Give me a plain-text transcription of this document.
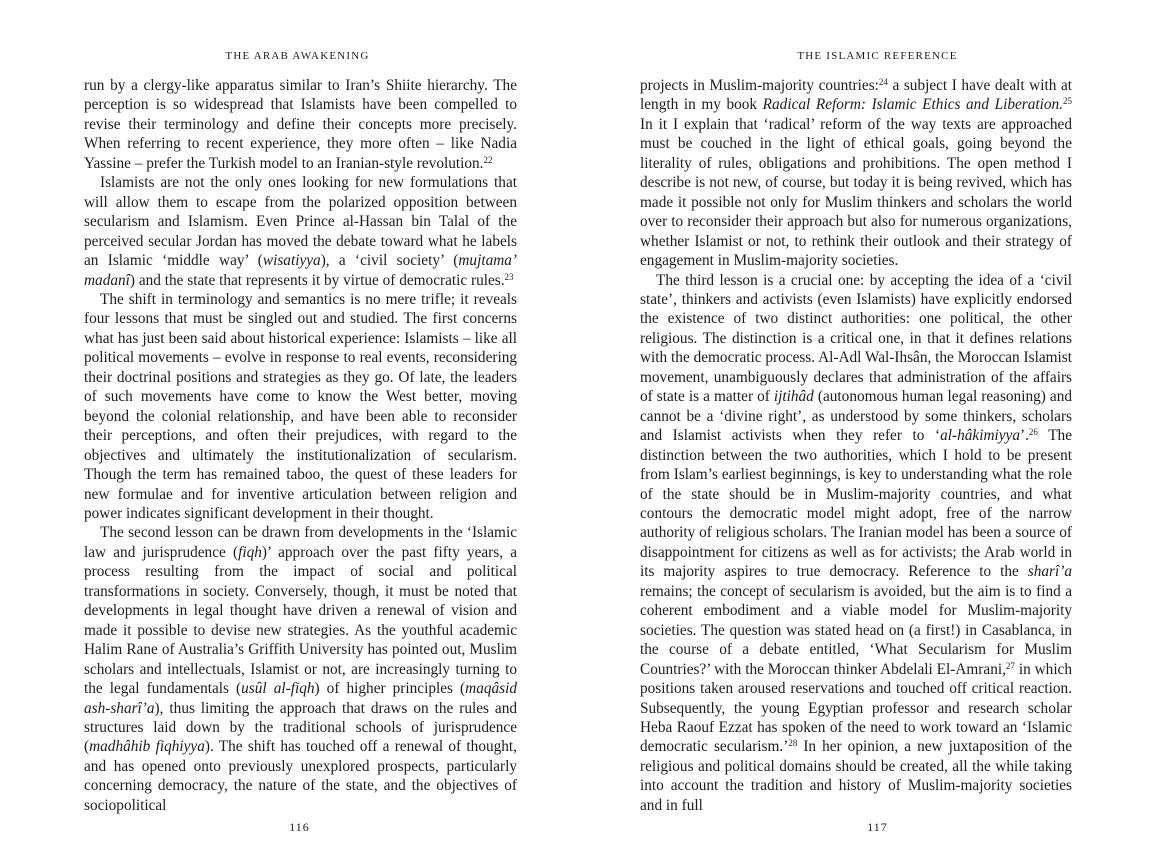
THE ARAB AWAKENING

run by a clergy-like apparatus similar to Iran’s Shiite hierarchy. The perception is so widespread that Islamists have been compelled to revise their terminology and define their concepts more precisely. When referring to recent experience, they more often – like Nadia Yassine – prefer the Turkish model to an Iranian-style revolution.$^{22}$

Islamists are not the only ones looking for new formulations that will allow them to escape from the polarized opposition between secularism and Islamism. Even Prince al-Hassan bin Talal of the perceived secular Jordan has moved the debate toward what he labels an Islamic ‘middle way’ (wisatiyya), a ‘civil society’ (mujtama’ madanî) and the state that represents it by virtue of democratic rules.$^{23}$

The shift in terminology and semantics is no mere trifle; it reveals four lessons that must be singled out and studied. The first concerns what has just been said about historical experience: Islamists – like all political movements – evolve in response to real events, reconsidering their doctrinal positions and strategies as they go. Of late, the leaders of such movements have come to know the West better, moving beyond the colonial relationship, and have been able to reconsider their perceptions, and often their prejudices, with regard to the objectives and ultimately the institutionalization of secularism. Though the term has remained taboo, the quest of these leaders for new formulae and for inventive articulation between religion and power indicates significant development in their thought.

The second lesson can be drawn from developments in the ‘Islamic law and jurisprudence (fiqh)’ approach over the past fifty years, a process resulting from the impact of social and political transformations in society. Conversely, though, it must be noted that developments in legal thought have driven a renewal of vision and made it possible to devise new strategies. As the youthful academic Halim Rane of Australia’s Griffith University has pointed out, Muslim scholars and intellectuals, Islamist or not, are increasingly turning to the legal fundamentals (usûl al-fiqh) of higher principles (maqâsid ash-sharî’a), thus limiting the approach that draws on the rules and structures laid down by the traditional schools of jurisprudence (madhâhib fiqhiyya). The shift has touched off a renewal of thought, and has opened onto previously unexplored prospects, particularly concerning democracy, the nature of the state, and the objectives of sociopolitical

116
THE ISLAMIC REFERENCE

projects in Muslim-majority countries:$^{24}$ a subject I have dealt with at length in my book Radical Reform: Islamic Ethics and Liberation.$^{25}$ In it I explain that ‘radical’ reform of the way texts are approached must be couched in the light of ethical goals, going beyond the literality of rules, obligations and prohibitions. The open method I describe is not new, of course, but today it is being revived, which has made it possible not only for Muslim thinkers and scholars the world over to reconsider their approach but also for numerous organizations, whether Islamist or not, to rethink their outlook and their strategy of engagement in Muslim-majority societies.

The third lesson is a crucial one: by accepting the idea of a ‘civil state’, thinkers and activists (even Islamists) have explicitly endorsed the existence of two distinct authorities: one political, the other religious. The distinction is a critical one, in that it defines relations with the democratic process. Al-Adl Wal-Ihsân, the Moroccan Islamist movement, unambiguously declares that administration of the affairs of state is a matter of ijtihâd (autonomous human legal reasoning) and cannot be a ‘divine right’, as understood by some thinkers, scholars and Islamist activists when they refer to ‘al-hâkimiyya’.$^{26}$ The distinction between the two authorities, which I hold to be present from Islam’s earliest beginnings, is key to understanding what the role of the state should be in Muslim-majority countries, and what contours the democratic model might adopt, free of the narrow authority of religious scholars. The Iranian model has been a source of disappointment for citizens as well as for activists; the Arab world in its majority aspires to true democracy. Reference to the sharî’a remains; the concept of secularism is avoided, but the aim is to find a coherent embodiment and a viable model for Muslim-majority societies. The question was stated head on (a first!) in Casablanca, in the course of a debate entitled, ‘What Secularism for Muslim Countries?’ with the Moroccan thinker Abdelali El-Amrani,$^{27}$ in which positions taken aroused reservations and touched off critical reaction. Subsequently, the young Egyptian professor and research scholar Heba Raouf Ezzat has spoken of the need to work toward an ‘Islamic democratic secularism.’$^{28}$ In her opinion, a new juxtaposition of the religious and political domains should be created, all the while taking into account the tradition and history of Muslim-majority societies and in full

117
